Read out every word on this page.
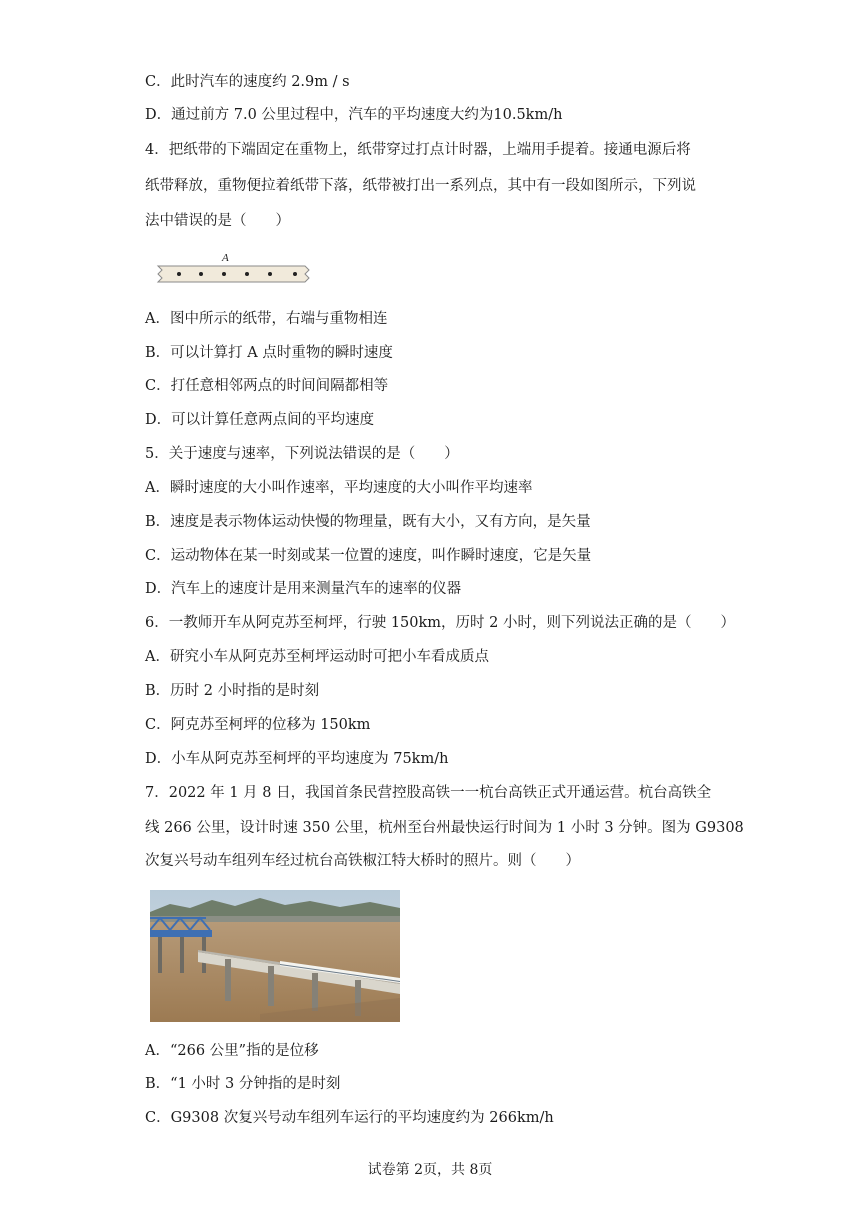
C．此时汽车的速度约 2.9m / s
D．通过前方 7.0 公里过程中，汽车的平均速度大约为10.5km/h
4．把纸带的下端固定在重物上，纸带穿过打点计时器，上端用手提着。接通电源后将
纸带释放，重物便拉着纸带下落，纸带被打出一系列点，其中有一段如图所示，下列说
法中错误的是（　　）
A
A．图中所示的纸带，右端与重物相连
B．可以计算打 A 点时重物的瞬时速度
C．打任意相邻两点的时间间隔都相等
D．可以计算任意两点间的平均速度
5．关于速度与速率，下列说法错误的是（　　）
A．瞬时速度的大小叫作速率，平均速度的大小叫作平均速率
B．速度是表示物体运动快慢的物理量，既有大小，又有方向，是矢量
C．运动物体在某一时刻或某一位置的速度，叫作瞬时速度，它是矢量
D．汽车上的速度计是用来测量汽车的速率的仪器
6．一教师开车从阿克苏至柯坪，行驶 150km，历时 2 小时，则下列说法正确的是（　　）
A．研究小车从阿克苏至柯坪运动时可把小车看成质点
B．历时 2 小时指的是时刻
C．阿克苏至柯坪的位移为 150km
D．小车从阿克苏至柯坪的平均速度为 75km/h
7．2022 年 1 月 8 日，我国首条民营控股高铁一一杭台高铁正式开通运营。杭台高铁全
线 266 公里，设计时速 350 公里，杭州至台州最快运行时间为 1 小时 3 分钟。图为 G9308
次复兴号动车组列车经过杭台高铁椒江特大桥时的照片。则（　　）
A．“266 公里”指的是位移
B．“1 小时 3 分钟指的是时刻
C．G9308 次复兴号动车组列车运行的平均速度约为 266km/h
试卷第 2页，共 8页
